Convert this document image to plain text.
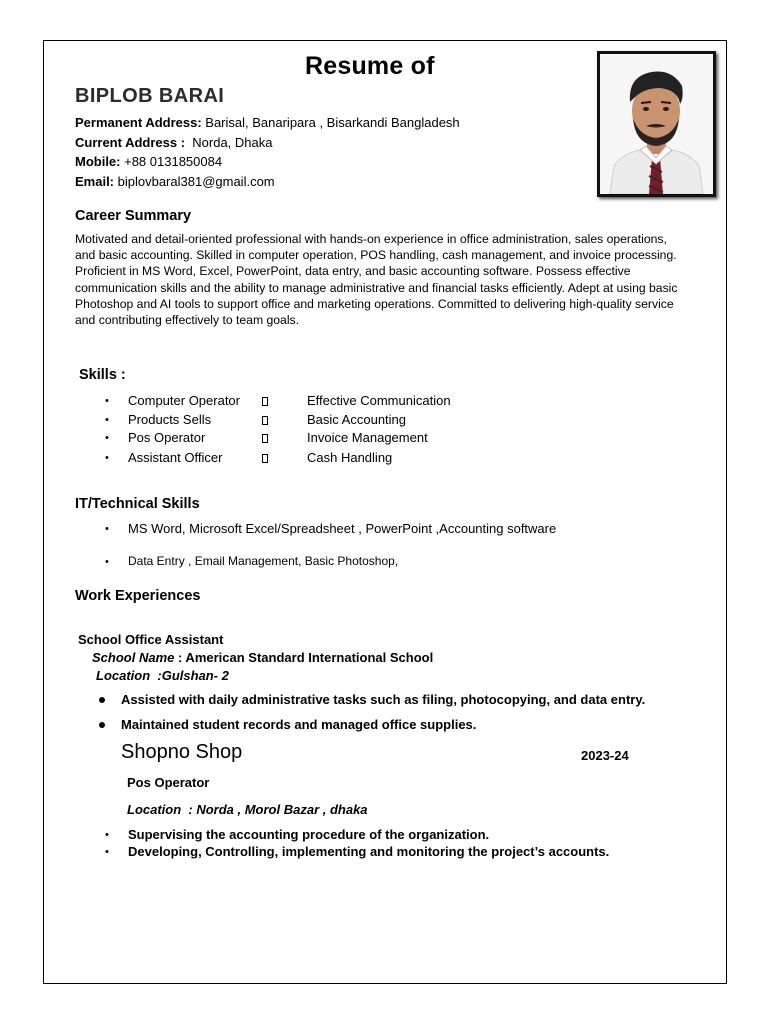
Resume of
BIPLOB BARAI
Permanent Address: Barisal, Banaripara , Bisarkandi Bangladesh
Current Address :  Norda, Dhaka
Mobile: +88 0131850084
Email: biplovbaral381@gmail.com
Career Summary
Motivated and detail-oriented professional with hands-on experience in office administration, sales operations, and basic accounting. Skilled in computer operation, POS handling, cash management, and invoice processing. Proficient in MS Word, Excel, PowerPoint, data entry, and basic accounting software. Possess effective communication skills and the ability to manage administrative and financial tasks efficiently. Adept at using basic Photoshop and AI tools to support office and marketing operations. Committed to delivering high-quality service and contributing effectively to team goals.
Skills :
• Computer Operator	Effective Communication
• Products Sells	Basic Accounting
• Pos Operator	Invoice Management
• Assistant Officer	Cash Handling
IT/Technical Skills
• MS Word, Microsoft Excel/Spreadsheet , PowerPoint ,Accounting software
• Data Entry , Email Management, Basic Photoshop,
Work Experiences
School Office Assistant
School Name : American Standard International School
Location  :Gulshan- 2
Assisted with daily administrative tasks such as filing, photocopying, and data entry.
Maintained student records and managed office supplies.
Shopno Shop	2023-24
Pos Operator
Location  : Norda , Morol Bazar , dhaka
• Supervising the accounting procedure of the organization.
• Developing, Controlling, implementing and monitoring the project’s accounts.
